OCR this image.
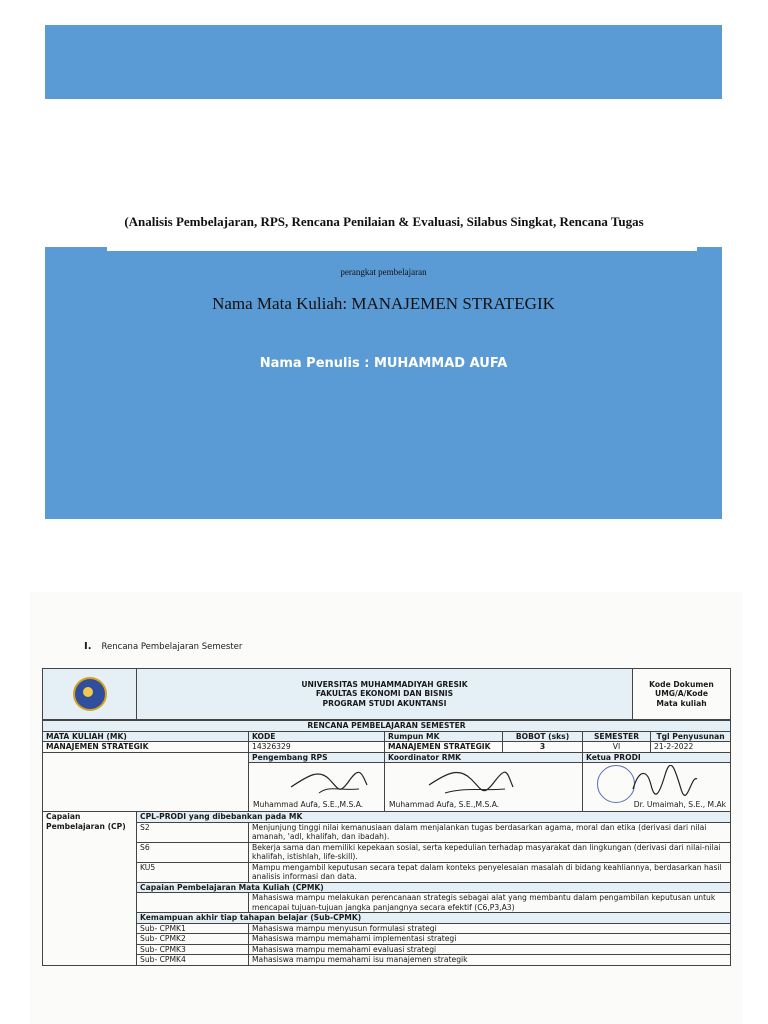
(Analisis Pembelajaran, RPS, Rencana Penilaian & Evaluasi, Silabus Singkat, Rencana Tugas
perangkat pembelajaran
Nama Mata Kuliah: MANAJEMEN STRATEGIK
Nama Penulis : MUHAMMAD AUFA
I. Rencana Pembelajaran Semester

UNIVERSITAS MUHAMMADIYAH GRESIK
FAKULTAS EKONOMI DAN BISNIS
PROGRAM STUDI AKUNTANSI

Kode Dokumen
UMG/A/Kode
Mata kuliah
RENCANA PEMBELAJARAN SEMESTER						
MATA KULIAH (MK)		KODE	Rumpun MK	BOBOT (sks)	SEMESTER	Tgl Penyusunan
MANAJEMEN STRATEGIK		14326329	MANAJEMEN STRATEGIK	3	VI	21-2-2022
		Pengembang RPS	Koordinator RMK		Ketua PRODI	

		Muhammad Aufa, S.E.,M.S.A.	Muhammad Aufa, S.E.,M.S.A.		Dr. Umaimah, S.E., M.Ak	

Capaian Pembelajaran (CP)	CPL-PRODI yang dibebankan pada MK					
	S2	Menjunjung tinggi nilai kemanusiaan dalam menjalankan tugas berdasarkan agama, moral dan etika (derivasi dari nilai amanah, 'adl, khalifah, dan ibadah).				
	S6	Bekerja sama dan memiliki kepekaan sosial, serta kepedulian terhadap masyarakat dan lingkungan (derivasi dari nilai-nilai khalifah, istishlah, life-skill).				
	KU5	Mampu mengambil keputusan secara tepat dalam konteks penyelesaian masalah di bidang keahliannya, berdasarkan hasil analisis informasi dan data.				
	Capaian Pembelajaran Mata Kuliah (CPMK)					
		Mahasiswa mampu melakukan perencanaan strategis sebagai alat yang membantu dalam pengambilan keputusan untuk mencapai tujuan-tujuan jangka panjangnya secara efektif (C6,P3,A3)				
	Kemampuan akhir tiap tahapan belajar (Sub-CPMK)					
	Sub- CPMK1	Mahasiswa mampu menyusun formulasi strategi				
	Sub- CPMK2	Mahasiswa mampu memahami implementasi strategi				
	Sub- CPMK3	Mahasiswa mampu memahami evaluasi strategi				
	Sub- CPMK4	Mahasiswa mampu memahami isu manajemen strategik				
